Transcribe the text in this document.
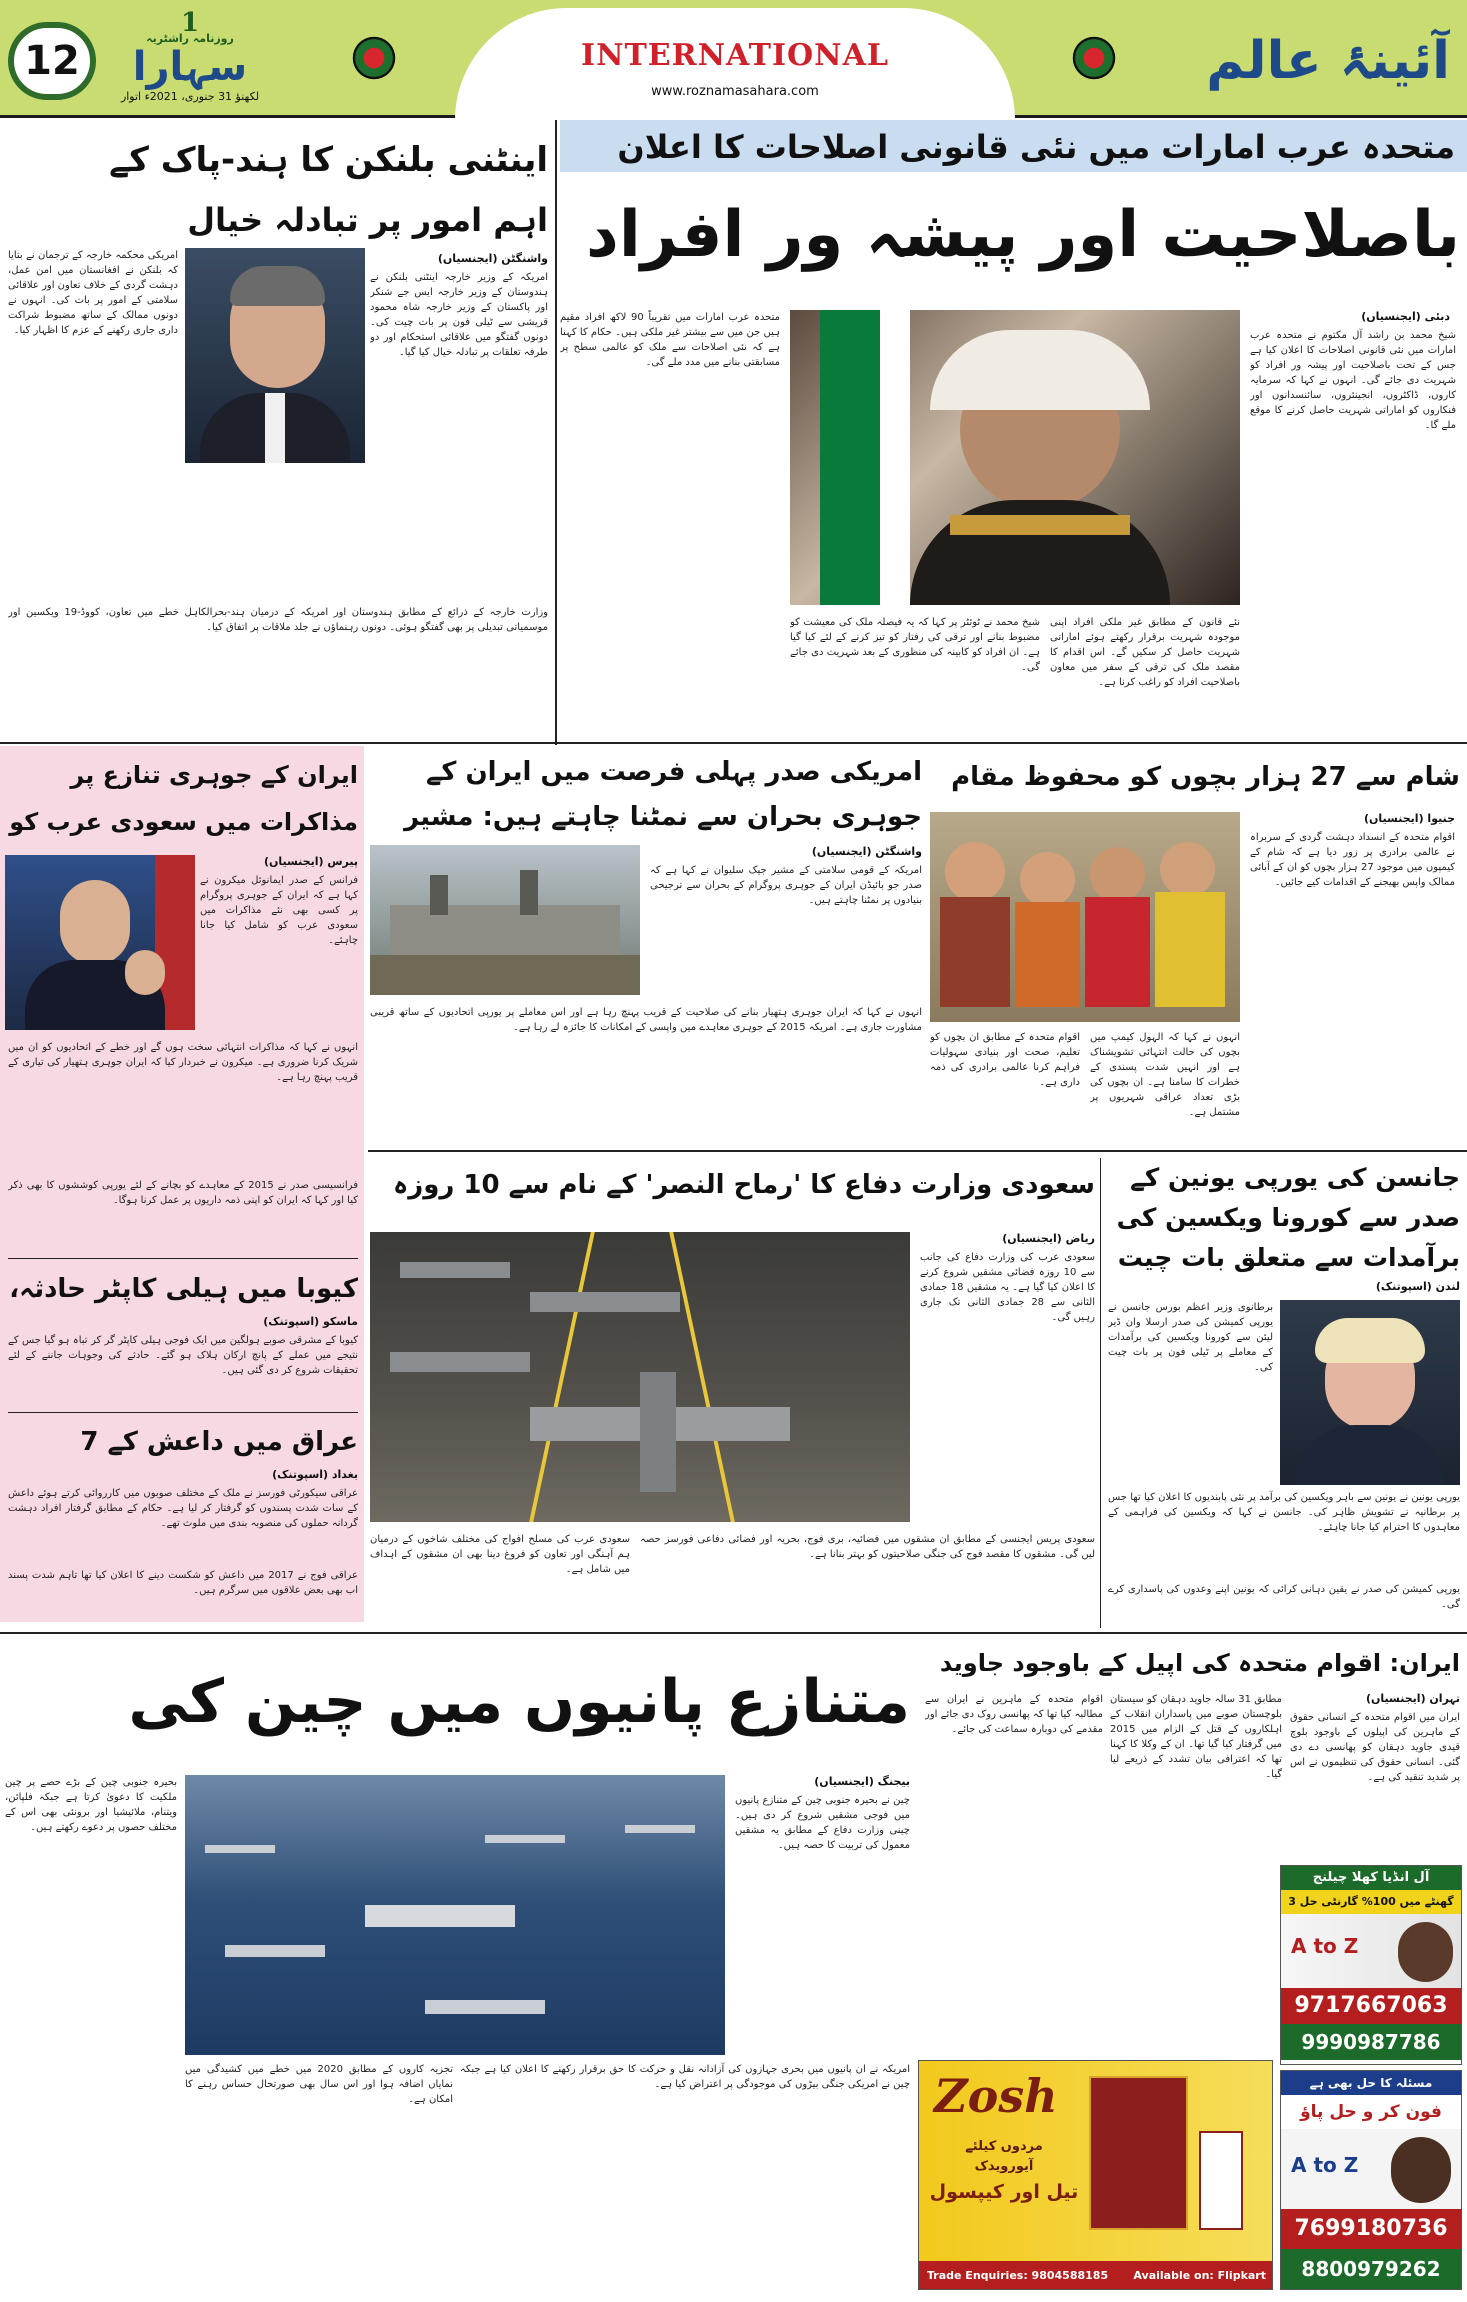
12
1
روزنامہ راشٹریہ
سہارا
لکھنؤ 31 جنوری، 2021ء اتوار
INTERNATIONAL
www.roznamasahara.com
آئینۂ عالم
متحدہ عرب امارات میں نئی قانونی اصلاحات کا اعلان
باصلاحیت اور پیشہ ور افراد
دبئی (ایجنسیاں)
شیخ محمد بن راشد آل مکتوم نے متحدہ عرب امارات میں نئی قانونی اصلاحات کا اعلان کیا ہے جس کے تحت باصلاحیت اور پیشہ ور افراد کو شہریت دی جائے گی۔ انہوں نے کہا کہ سرمایہ کاروں، ڈاکٹروں، انجینئروں، سائنسدانوں اور فنکاروں کو اماراتی شہریت حاصل کرنے کا موقع ملے گا۔
نئے قانون کے مطابق غیر ملکی افراد اپنی موجودہ شہریت برقرار رکھتے ہوئے اماراتی شہریت حاصل کر سکیں گے۔ اس اقدام کا مقصد ملک کی ترقی کے سفر میں معاون باصلاحیت افراد کو راغب کرنا ہے۔
شیخ محمد نے ٹوئٹر پر کہا کہ یہ فیصلہ ملک کی معیشت کو مضبوط بنانے اور ترقی کی رفتار کو تیز کرنے کے لئے کیا گیا ہے۔ ان افراد کو کابینہ کی منظوری کے بعد شہریت دی جائے گی۔
متحدہ عرب امارات میں تقریباً 90 لاکھ افراد مقیم ہیں جن میں سے بیشتر غیر ملکی ہیں۔ حکام کا کہنا ہے کہ نئی اصلاحات سے ملک کو عالمی سطح پر مسابقتی بنانے میں مدد ملے گی۔
اینٹنی بلنکن کا ہند-پاک کے
اہم امور پر تبادلہ خیال
واشنگٹن (ایجنسیاں)
امریکہ کے وزیر خارجہ اینٹنی بلنکن نے ہندوستان کے وزیر خارجہ ایس جے شنکر اور پاکستان کے وزیر خارجہ شاہ محمود قریشی سے ٹیلی فون پر بات چیت کی۔ دونوں گفتگو میں علاقائی استحکام اور دو طرفہ تعلقات پر تبادلہ خیال کیا گیا۔
امریکی محکمہ خارجہ کے ترجمان نے بتایا کہ بلنکن نے افغانستان میں امن عمل، دہشت گردی کے خلاف تعاون اور علاقائی سلامتی کے امور پر بات کی۔ انہوں نے دونوں ممالک کے ساتھ مضبوط شراکت داری جاری رکھنے کے عزم کا اظہار کیا۔
وزارت خارجہ کے ذرائع کے مطابق ہندوستان اور امریکہ کے درمیان ہند-بحرالکاہل خطے میں تعاون، کووڈ-19 ویکسین اور موسمیاتی تبدیلی پر بھی گفتگو ہوئی۔ دونوں رہنماؤں نے جلد ملاقات پر اتفاق کیا۔
شام سے 27 ہزار بچوں کو محفوظ مقام
جنیوا (ایجنسیاں)
اقوام متحدہ کے انسداد دہشت گردی کے سربراہ نے عالمی برادری پر زور دیا ہے کہ شام کے کیمپوں میں موجود 27 ہزار بچوں کو ان کے آبائی ممالک واپس بھیجنے کے اقدامات کیے جائیں۔
انہوں نے کہا کہ الہول کیمپ میں بچوں کی حالت انتہائی تشویشناک ہے اور انہیں شدت پسندی کے خطرات کا سامنا ہے۔ ان بچوں کی بڑی تعداد عراقی شہریوں پر مشتمل ہے۔
اقوام متحدہ کے مطابق ان بچوں کو تعلیم، صحت اور بنیادی سہولیات فراہم کرنا عالمی برادری کی ذمہ داری ہے۔
امریکی صدر پہلی فرصت میں ایران کے جوہری بحران سے نمٹنا چاہتے ہیں: مشیر
واشنگٹن (ایجنسیاں)
امریکہ کے قومی سلامتی کے مشیر جیک سلیوان نے کہا ہے کہ صدر جو بائیڈن ایران کے جوہری پروگرام کے بحران سے ترجیحی بنیادوں پر نمٹنا چاہتے ہیں۔
انہوں نے کہا کہ ایران جوہری ہتھیار بنانے کی صلاحیت کے قریب پہنچ رہا ہے اور اس معاملے پر یورپی اتحادیوں کے ساتھ قریبی مشاورت جاری ہے۔ امریکہ 2015 کے جوہری معاہدے میں واپسی کے امکانات کا جائزہ لے رہا ہے۔
ایران کے جوہری تنازع پر مذاکرات میں سعودی عرب کو
پیرس (ایجنسیاں)
فرانس کے صدر ایمانوئل میکرون نے کہا ہے کہ ایران کے جوہری پروگرام پر کسی بھی نئے مذاکرات میں سعودی عرب کو شامل کیا جانا چاہئے۔
انہوں نے کہا کہ مذاکرات انتہائی سخت ہوں گے اور خطے کے اتحادیوں کو ان میں شریک کرنا ضروری ہے۔ میکرون نے خبردار کیا کہ ایران جوہری ہتھیار کی تیاری کے قریب پہنچ رہا ہے۔
فرانسیسی صدر نے 2015 کے معاہدے کو بچانے کے لئے یورپی کوششوں کا بھی ذکر کیا اور کہا کہ ایران کو اپنی ذمہ داریوں پر عمل کرنا ہوگا۔
کیوبا میں ہیلی کاپٹر حادثہ،
ماسکو (اسپوتنک)
کیوبا کے مشرقی صوبے ہولگین میں ایک فوجی ہیلی کاپٹر گر کر تباہ ہو گیا جس کے نتیجے میں عملے کے پانچ ارکان ہلاک ہو گئے۔ حادثے کی وجوہات جاننے کے لئے تحقیقات شروع کر دی گئی ہیں۔
عراق میں داعش کے 7
بغداد (اسپوتنک)
عراقی سیکورٹی فورسز نے ملک کے مختلف صوبوں میں کارروائی کرتے ہوئے داعش کے سات شدت پسندوں کو گرفتار کر لیا ہے۔ حکام کے مطابق گرفتار افراد دہشت گردانہ حملوں کی منصوبہ بندی میں ملوث تھے۔
عراقی فوج نے 2017 میں داعش کو شکست دینے کا اعلان کیا تھا تاہم شدت پسند اب بھی بعض علاقوں میں سرگرم ہیں۔
سعودی وزارت دفاع کا 'رماح النصر' کے نام سے 10 روزہ
ریاض (ایجنسیاں)
سعودی عرب کی وزارت دفاع کی جانب سے 10 روزہ فضائی مشقیں شروع کرنے کا اعلان کیا گیا ہے۔ یہ مشقیں 18 جمادی الثانی سے 28 جمادی الثانی تک جاری رہیں گی۔
سعودی پریس ایجنسی کے مطابق ان مشقوں میں فضائیہ، بری فوج، بحریہ اور فضائی دفاعی فورسز حصہ لیں گی۔ مشقوں کا مقصد فوج کی جنگی صلاحیتوں کو بہتر بنانا ہے۔
سعودی عرب کی مسلح افواج کی مختلف شاخوں کے درمیان ہم آہنگی اور تعاون کو فروغ دینا بھی ان مشقوں کے اہداف میں شامل ہے۔
جانسن کی یورپی یونین کے صدر سے کورونا ویکسین کی برآمدات سے متعلق بات چیت
لندن (اسپوتنک)
برطانوی وزیر اعظم بورس جانسن نے یورپی کمیشن کی صدر ارسلا وان ڈیر لیئن سے کورونا ویکسین کی برآمدات کے معاملے پر ٹیلی فون پر بات چیت کی۔
یورپی یونین نے یونین سے باہر ویکسین کی برآمد پر نئی پابندیوں کا اعلان کیا تھا جس پر برطانیہ نے تشویش ظاہر کی۔ جانسن نے کہا کہ ویکسین کی فراہمی کے معاہدوں کا احترام کیا جانا چاہئے۔
یورپی کمیشن کی صدر نے یقین دہانی کرائی کہ یونین اپنے وعدوں کی پاسداری کرے گی۔
ایران: اقوام متحدہ کی اپیل کے باوجود جاوید
تہران (ایجنسیاں)
ایران میں اقوام متحدہ کے انسانی حقوق کے ماہرین کی اپیلوں کے باوجود بلوچ قیدی جاوید دہقان کو پھانسی دے دی گئی۔ انسانی حقوق کی تنظیموں نے اس پر شدید تنقید کی ہے۔
مطابق 31 سالہ جاوید دہقان کو سیستان بلوچستان صوبے میں پاسداران انقلاب کے اہلکاروں کے قتل کے الزام میں 2015 میں گرفتار کیا گیا تھا۔ ان کے وکلا کا کہنا تھا کہ اعترافی بیان تشدد کے ذریعے لیا گیا۔
اقوام متحدہ کے ماہرین نے ایران سے مطالبہ کیا تھا کہ پھانسی روک دی جائے اور مقدمے کی دوبارہ سماعت کی جائے۔
متنازع پانیوں میں چین کی
بیجنگ (ایجنسیاں)
چین نے بحیرہ جنوبی چین کے متنازع پانیوں میں فوجی مشقیں شروع کر دی ہیں۔ چینی وزارت دفاع کے مطابق یہ مشقیں معمول کی تربیت کا حصہ ہیں۔
بحیرہ جنوبی چین کے بڑے حصے پر چین ملکیت کا دعویٰ کرتا ہے جبکہ فلپائن، ویتنام، ملائیشیا اور برونئی بھی اس کے مختلف حصوں پر دعوے رکھتے ہیں۔
امریکہ نے ان پانیوں میں بحری جہازوں کی آزادانہ نقل و حرکت کا حق برقرار رکھنے کا اعلان کیا ہے جبکہ چین نے امریکی جنگی بیڑوں کی موجودگی پر اعتراض کیا ہے۔
تجزیہ کاروں کے مطابق 2020 میں خطے میں کشیدگی میں نمایاں اضافہ ہوا اور اس سال بھی صورتحال حساس رہنے کا امکان ہے۔	Zosh
مردوں کیلئے
آیورویدک
تیل اور کیپسول
Trade Enquiries: 9804588185 Available on: Flipkart
آل انڈیا کھلا چیلنج
3 گھنٹے میں 100% گارنٹی حل
A to Z
9717667063
9990987786
مسئلہ کا حل بھی ہے
فون کر و حل پاؤ
A to Z
7699180736
8800979262
